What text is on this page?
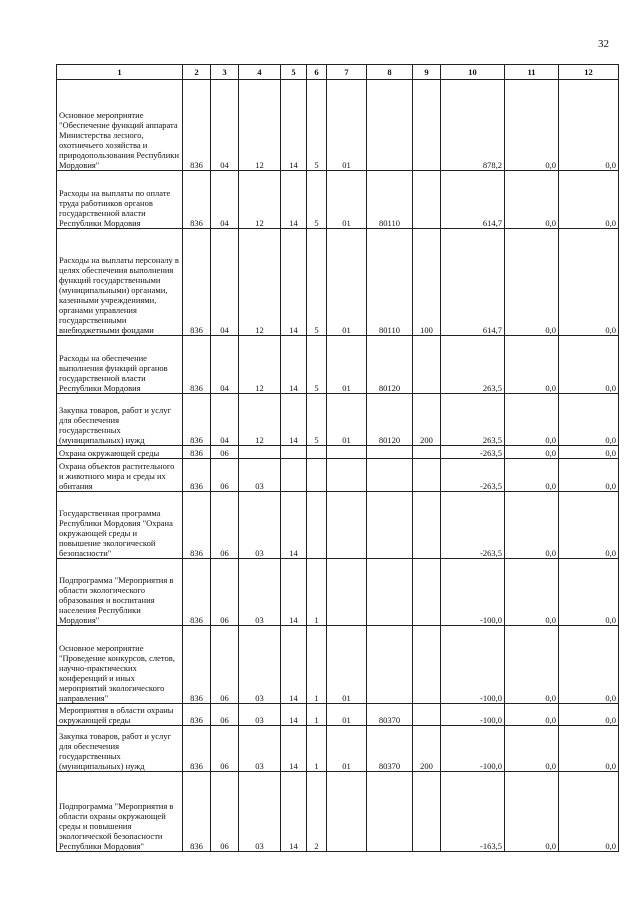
32
1	2	3	4	5	6	7	8	9	10	11	12
Основное мероприятие "Обеспечение функций аппарата Министерства лесного, охотничьего хозяйства и природопользования Республики Мордовия"	836	04	12	14	5	01			878,2	0,0	0,0
Расходы на выплаты по оплате труда работников органов государственной власти Республики Мордовия	836	04	12	14	5	01	80110		614,7	0,0	0,0
Расходы на выплаты персоналу в целях обеспечения выполнения функций государственными (муниципальными) органами, казенными учреждениями, органами управления государственными внебюджетными фондами	836	04	12	14	5	01	80110	100	614,7	0,0	0,0
Расходы на обеспечение выполнения функций органов государственной власти Республики Мордовия	836	04	12	14	5	01	80120		263,5	0,0	0,0
Закупка товаров, работ и услуг для обеспечения государственных (муниципальных) нужд	836	04	12	14	5	01	80120	200	263,5	0,0	0,0
Охрана окружающей среды	836	06							-263,5	0,0	0,0
Охрана объектов растительного и животного мира и среды их обитания	836	06	03						-263,5	0,0	0,0
Государственная программа Республики Мордовия "Охрана окружающей среды и повышение экологической безопасности"	836	06	03	14					-263,5	0,0	0,0
Подпрограмма "Мероприятия в области экологического образования и воспитания населения Республики Мордовия"	836	06	03	14	1				-100,0	0,0	0,0
Основное мероприятие "Проведение конкурсов, слетов, научно-практических конференций и иных мероприятий экологического направления"	836	06	03	14	1	01			-100,0	0,0	0,0
Мероприятия в области охраны окружающей среды	836	06	03	14	1	01	80370		-100,0	0,0	0,0
Закупка товаров, работ и услуг для обеспечения государственных (муниципальных) нужд	836	06	03	14	1	01	80370	200	-100,0	0,0	0,0
Подпрограмма "Мероприятия в области охраны окружающей среды и повышения экологической безопасности Республики Мордовия"	836	06	03	14	2				-163,5	0,0	0,0
